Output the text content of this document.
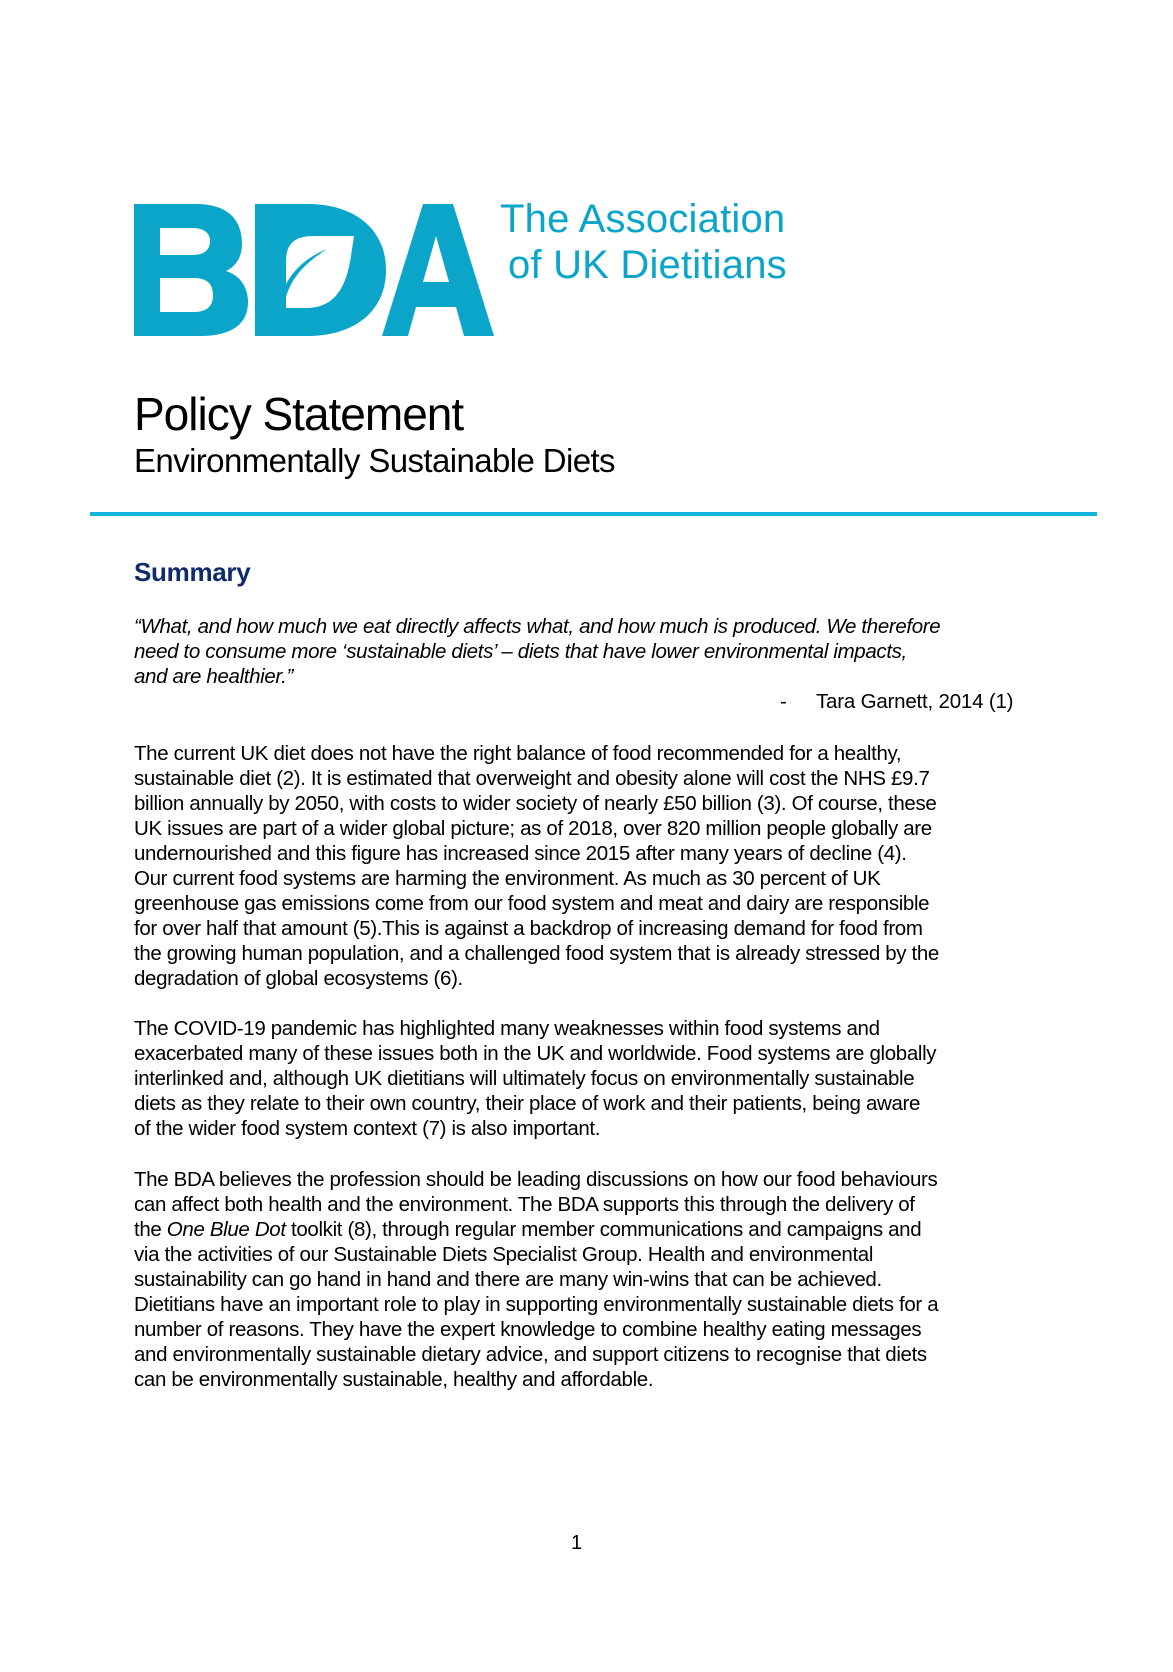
The Association
of UK Dietitians
Policy Statement
Environmentally Sustainable Diets
Summary
“What, and how much we eat directly affects what, and how much is produced. We therefore
need to consume more ‘sustainable diets’ – diets that have lower environmental impacts,
and are healthier.”
- Tara Garnett, 2014 (1)
The current UK diet does not have the right balance of food recommended for a healthy,
sustainable diet (2). It is estimated that overweight and obesity alone will cost the NHS £9.7
billion annually by 2050, with costs to wider society of nearly £50 billion (3). Of course, these
UK issues are part of a wider global picture; as of 2018, over 820 million people globally are
undernourished and this figure has increased since 2015 after many years of decline (4).
Our current food systems are harming the environment. As much as 30 percent of UK
greenhouse gas emissions come from our food system and meat and dairy are responsible
for over half that amount (5).This is against a backdrop of increasing demand for food from
the growing human population, and a challenged food system that is already stressed by the
degradation of global ecosystems (6).
The COVID-19 pandemic has highlighted many weaknesses within food systems and
exacerbated many of these issues both in the UK and worldwide. Food systems are globally
interlinked and, although UK dietitians will ultimately focus on environmentally sustainable
diets as they relate to their own country, their place of work and their patients, being aware
of the wider food system context (7) is also important.
The BDA believes the profession should be leading discussions on how our food behaviours
can affect both health and the environment. The BDA supports this through the delivery of
the One Blue Dot toolkit (8), through regular member communications and campaigns and
via the activities of our Sustainable Diets Specialist Group. Health and environmental
sustainability can go hand in hand and there are many win-wins that can be achieved.
Dietitians have an important role to play in supporting environmentally sustainable diets for a
number of reasons. They have the expert knowledge to combine healthy eating messages
and environmentally sustainable dietary advice, and support citizens to recognise that diets
can be environmentally sustainable, healthy and affordable.
1
